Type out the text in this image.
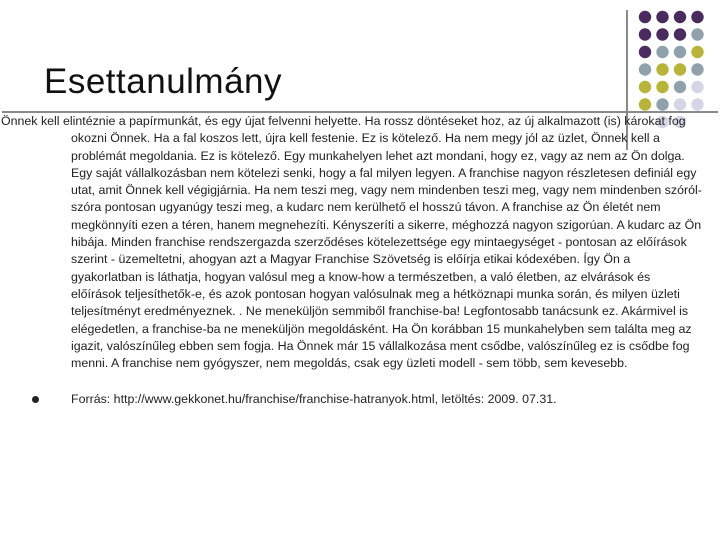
Esettanulmány

Önnek kell elintéznie a papírmunkát, és egy újat felvenni helyette. Ha rossz döntéseket hoz, az új alkalmazott (is) károkat fog okozni Önnek. Ha a fal koszos lett, újra kell festenie. Ez is kötelező. Ha nem megy jól az üzlet, Önnek kell a problémát megoldania. Ez is kötelező. Egy munkahelyen lehet azt mondani, hogy ez, vagy az nem az Ön dolga. Egy saját vállalkozásban nem kötelezi senki, hogy a fal milyen legyen. A franchise nagyon részletesen definiál egy utat, amit Önnek kell végigjárnia. Ha nem teszi meg, vagy nem mindenben teszi meg, vagy nem mindenben szóról-szóra pontosan ugyanúgy teszi meg, a kudarc nem kerülhető el hosszú távon. A franchise az Ön életét nem megkönnyíti ezen a téren, hanem megnehezíti. Kényszeríti a sikerre, méghozzá nagyon szigorúan. A kudarc az Ön hibája. Minden franchise rendszergazda szerződéses kötelezettsége egy mintaegységet - pontosan az előírások szerint - üzemeltetni, ahogyan azt a Magyar Franchise Szövetség is előírja etikai kódexében. Így Ön a gyakorlatban is láthatja, hogyan valósul meg a know-how a természetben, a való életben, az elvárások és előírások teljesíthetők-e, és azok pontosan hogyan valósulnak meg a hétköznapi munka során, és milyen üzleti teljesítményt eredményeznek. . Ne meneküljön semmiből franchise-ba! Legfontosabb tanácsunk ez. Akármivel is elégedetlen, a franchise-ba ne meneküljön megoldásként. Ha Ön korábban 15 munkahelyben sem találta meg az igazit, valószínűleg ebben sem fogja. Ha Önnek már 15 vállalkozása ment csődbe, valószínűleg ez is csődbe fog menni. A franchise nem gyógyszer, nem megoldás, csak egy üzleti modell - sem több, sem kevesebb.

Forrás: http://www.gekkonet.hu/franchise/franchise-hatranyok.html, letöltés: 2009. 07.31.
